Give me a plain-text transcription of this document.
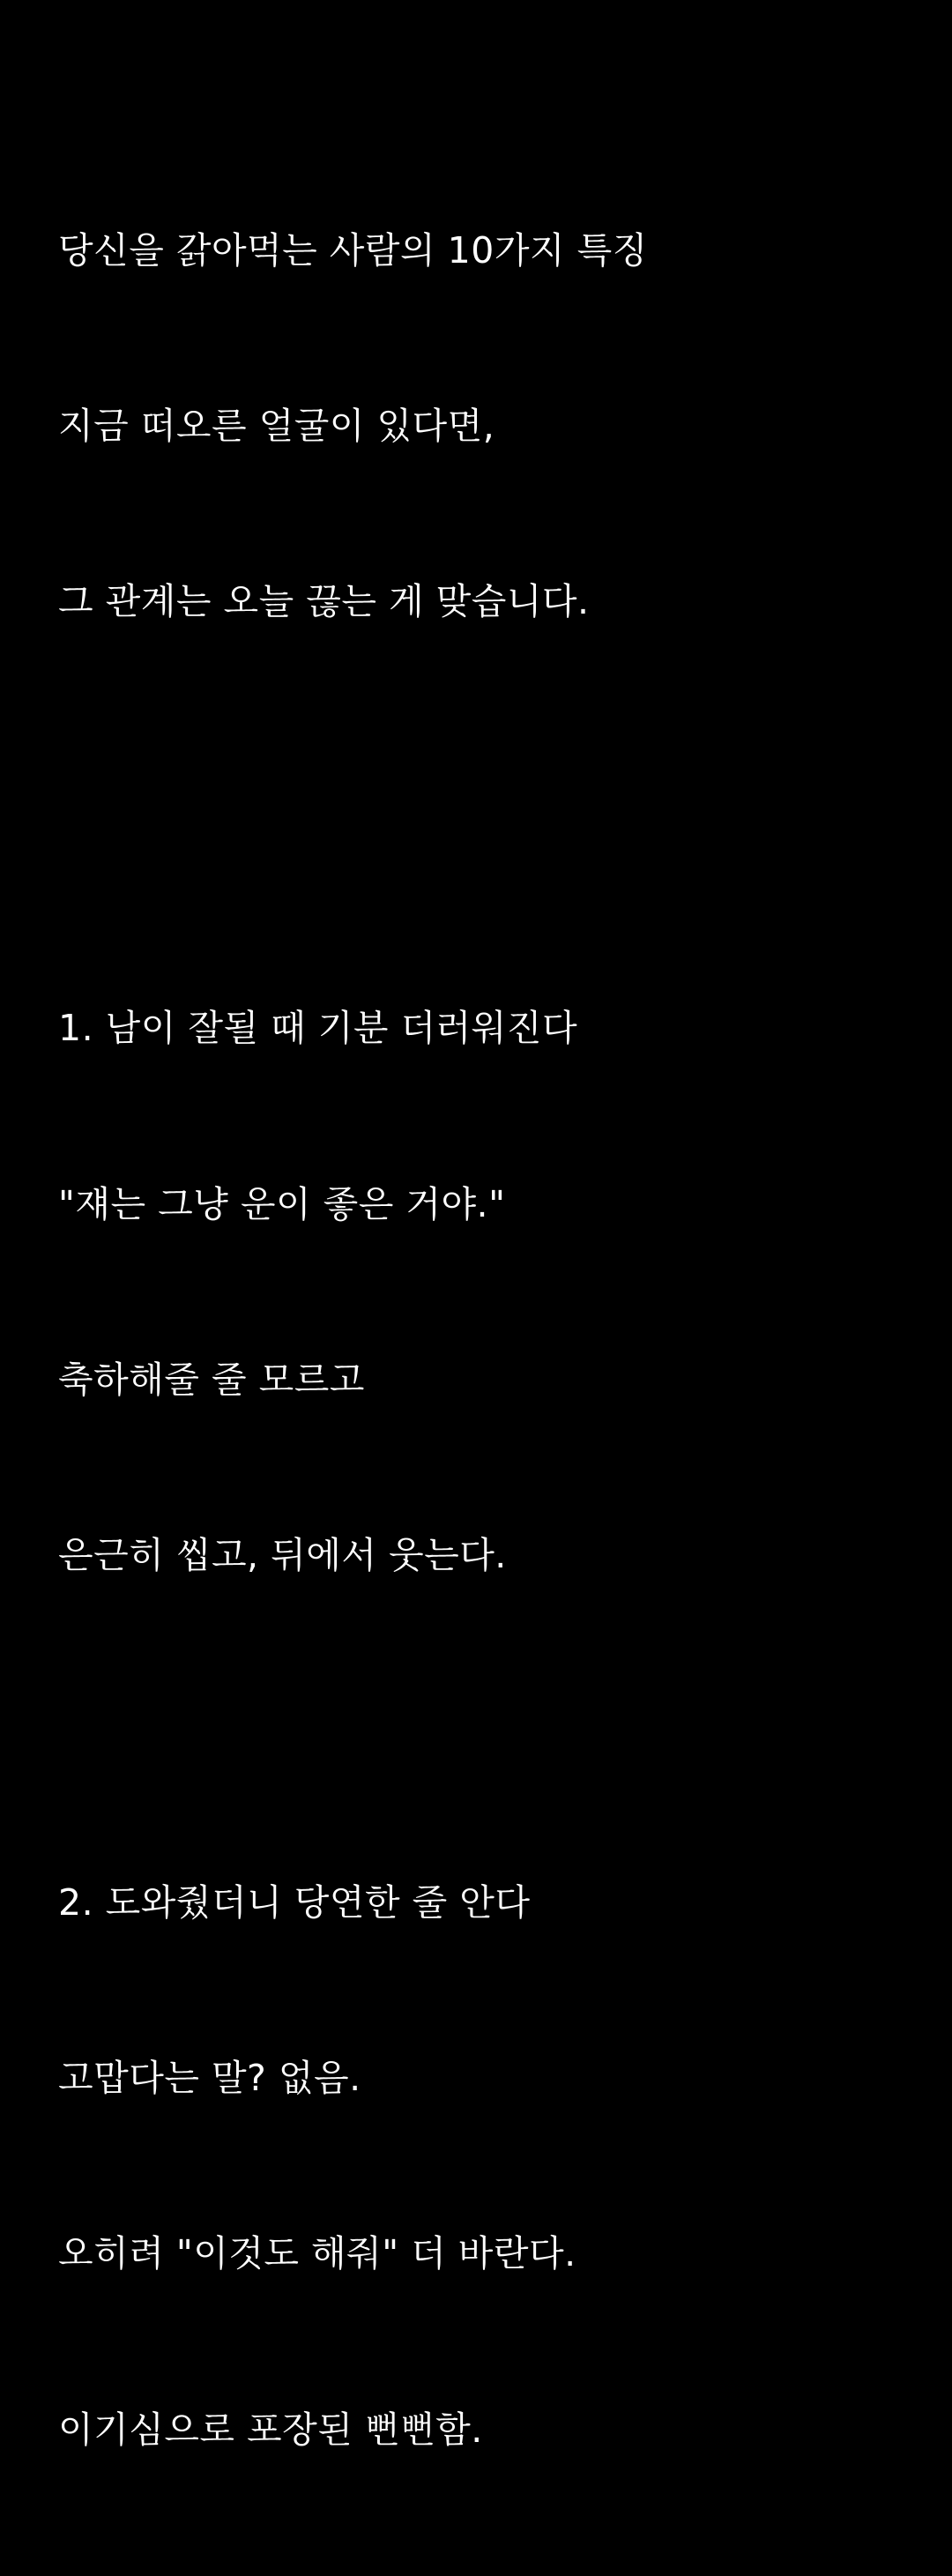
당신을 갉아먹는 사람의 10가지 특징

지금 떠오른 얼굴이 있다면,

그 관계는 오늘 끊는 게 맞습니다.

1. 남이 잘될 때 기분 더러워진다

"쟤는 그냥 운이 좋은 거야."

축하해줄 줄 모르고

은근히 씹고, 뒤에서 웃는다.

2. 도와줬더니 당연한 줄 안다

고맙다는 말? 없음.

오히려 "이것도 해줘" 더 바란다.

이기심으로 포장된 뻔뻔함.
